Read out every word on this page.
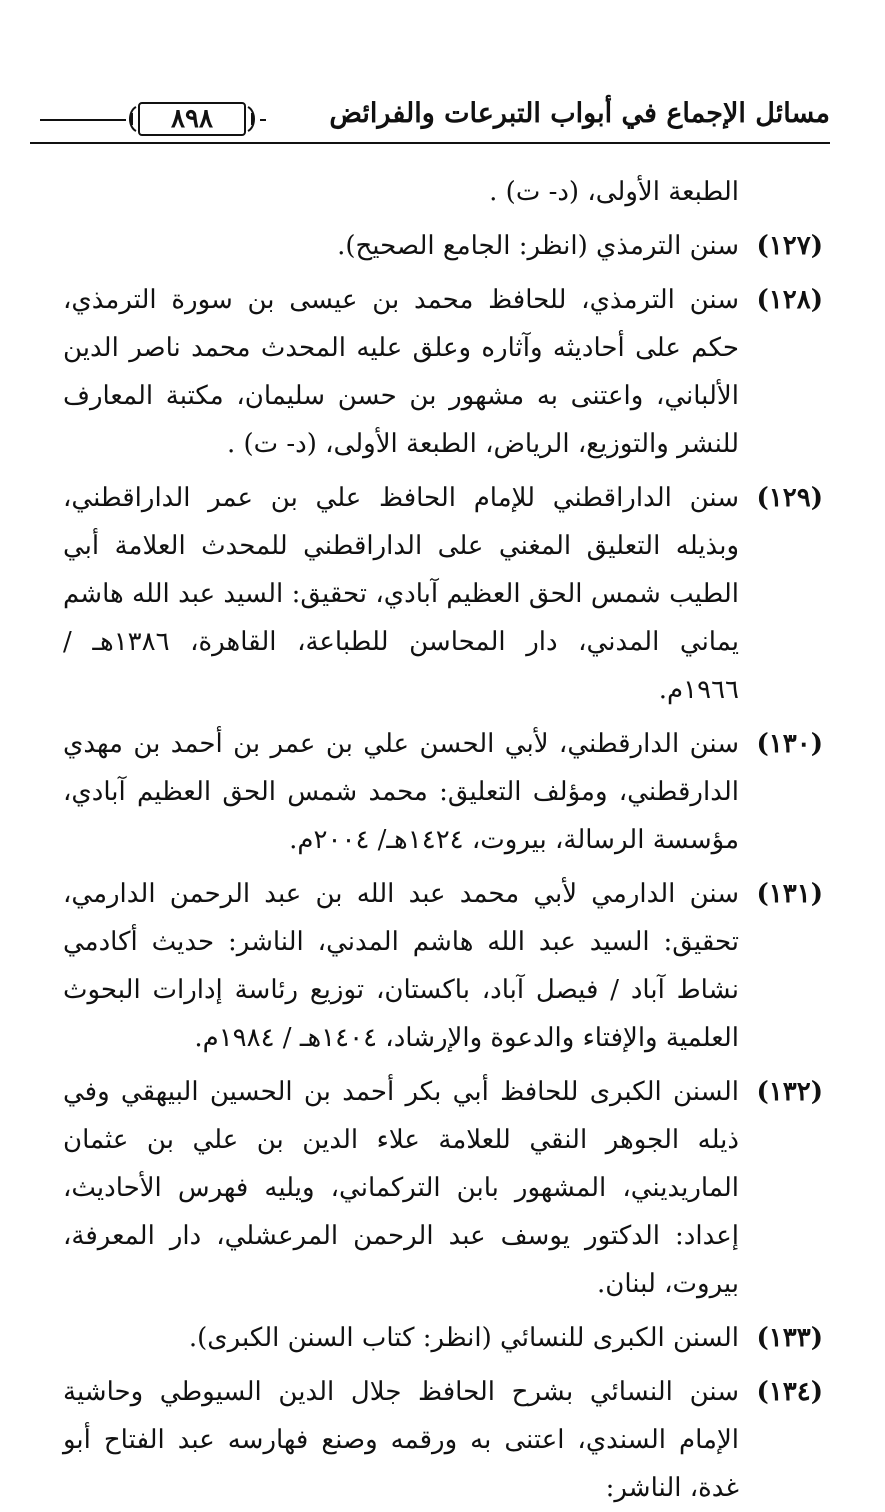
مسائل الإجماع في أبواب التبرعات والفرائض
٨٩٨

الطبعة الأولى، (د- ت) .

(١٢٧)
سنن الترمذي (انظر: الجامع الصحيح).

(١٢٨)
سنن الترمذي، للحافظ محمد بن عيسى بن سورة الترمذي، حكم على أحاديثه وآثاره وعلق عليه المحدث محمد ناصر الدين الألباني، واعتنى به مشهور بن حسن سليمان، مكتبة المعارف للنشر والتوزيع، الرياض، الطبعة الأولى، (د- ت) .

(١٢٩)
سنن الداراقطني للإمام الحافظ علي بن عمر الداراقطني، وبذيله التعليق المغني على الداراقطني للمحدث العلامة أبي الطيب شمس الحق العظيم آبادي، تحقيق: السيد عبد الله هاشم يماني المدني، دار المحاسن للطباعة، القاهرة، ١٣٨٦هـ / ١٩٦٦م.

(١٣٠)
سنن الدارقطني، لأبي الحسن علي بن عمر بن أحمد بن مهدي الدارقطني، ومؤلف التعليق: محمد شمس الحق العظيم آبادي، مؤسسة الرسالة، بيروت، ١٤٢٤هـ/ ٢٠٠٤م.

(١٣١)
سنن الدارمي لأبي محمد عبد الله بن عبد الرحمن الدارمي، تحقيق: السيد عبد الله هاشم المدني، الناشر: حديث أكادمي نشاط آباد / فيصل آباد، باكستان، توزيع رئاسة إدارات البحوث العلمية والإفتاء والدعوة والإرشاد، ١٤٠٤هـ / ١٩٨٤م.

(١٣٢)
السنن الكبرى للحافظ أبي بكر أحمد بن الحسين البيهقي وفي ذيله الجوهر النقي للعلامة علاء الدين بن علي بن عثمان الماريديني، المشهور بابن التركماني، ويليه فهرس الأحاديث، إعداد: الدكتور يوسف عبد الرحمن المرعشلي، دار المعرفة، بيروت، لبنان.

(١٣٣)
السنن الكبرى للنسائي (انظر: كتاب السنن الكبرى).

(١٣٤)
سنن النسائي بشرح الحافظ جلال الدين السيوطي وحاشية الإمام السندي، اعتنى به ورقمه وصنع فهارسه عبد الفتاح أبو غدة، الناشر:
